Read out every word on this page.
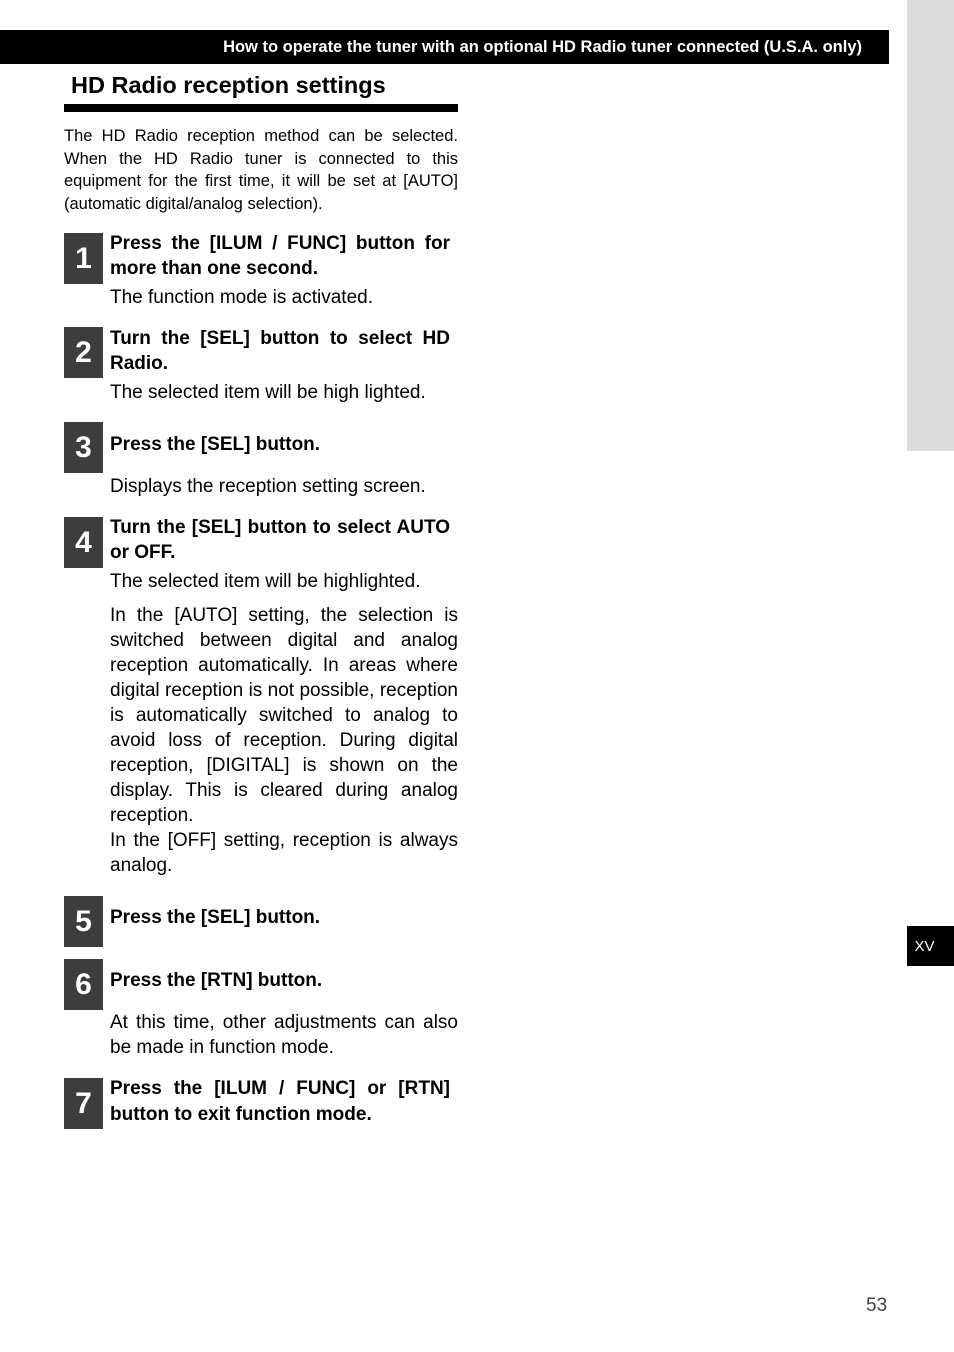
How to operate the tuner with an optional HD Radio tuner connected (U.S.A. only)
XV
HD Radio reception settings
The HD Radio reception method can be selected. When the HD Radio tuner is connected to this equipment for the first time, it will be set at [AUTO] (automatic digital/analog selection).
1 Press the [ILUM / FUNC] button for more than one second.
The function mode is activated.
2 Turn the [SEL] button to select HD Radio.
The selected item will be high lighted.
3 Press the [SEL] button.
Displays the reception setting screen.
4 Turn the [SEL] button to select AUTO or OFF.
The selected item will be highlighted.
In the [AUTO] setting, the selection is switched between digital and analog reception automatically. In areas where digital reception is not possible, reception is automatically switched to analog to avoid loss of reception. During digital reception, [DIGITAL] is shown on the display. This is cleared during analog reception.
In the [OFF] setting, reception is always analog.
5 Press the [SEL] button.
6 Press the [RTN] button.
At this time, other adjustments can also be made in function mode.
7 Press the [ILUM / FUNC] or [RTN] button to exit function mode.
53
